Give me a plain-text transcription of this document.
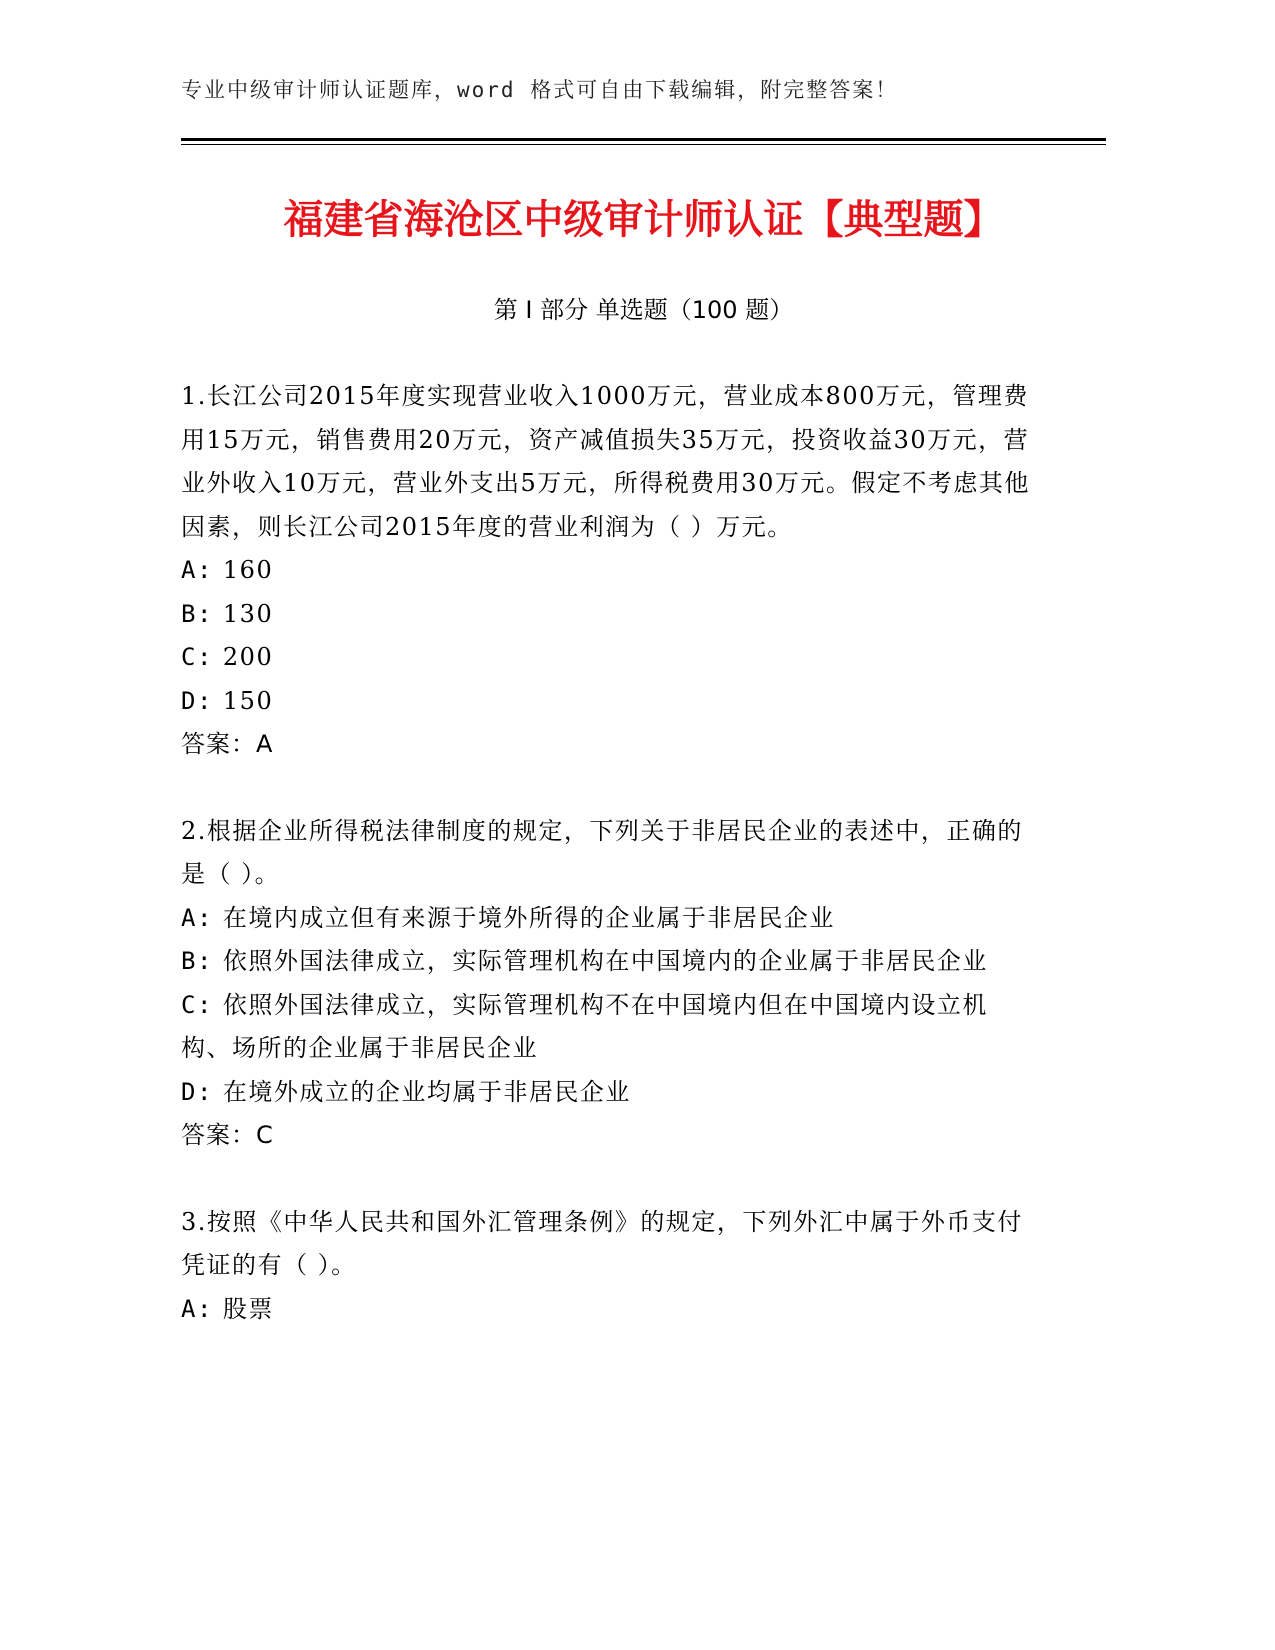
专业中级审计师认证题库，word 格式可自由下载编辑，附完整答案！
福建省海沧区中级审计师认证【典型题】
第 I 部分 单选题（100 题）

1.长江公司2015年度实现营业收入1000万元，营业成本800万元，管理费用15万元，销售费用20万元，资产减值损失35万元，投资收益30万元，营业外收入10万元，营业外支出5万元，所得税费用30万元。假定不考虑其他因素，则长江公司2015年度的营业利润为（ ）万元。

A: 160

B: 130

C: 200

D: 150

答案：A

2.根据企业所得税法律制度的规定，下列关于非居民企业的表述中，正确的是（ ）。

A: 在境内成立但有来源于境外所得的企业属于非居民企业

B: 依照外国法律成立，实际管理机构在中国境内的企业属于非居民企业

C: 依照外国法律成立，实际管理机构不在中国境内但在中国境内设立机构、场所的企业属于非居民企业

D: 在境外成立的企业均属于非居民企业

答案：C

3.按照《中华人民共和国外汇管理条例》的规定，下列外汇中属于外币支付凭证的有（ ）。

A: 股票
